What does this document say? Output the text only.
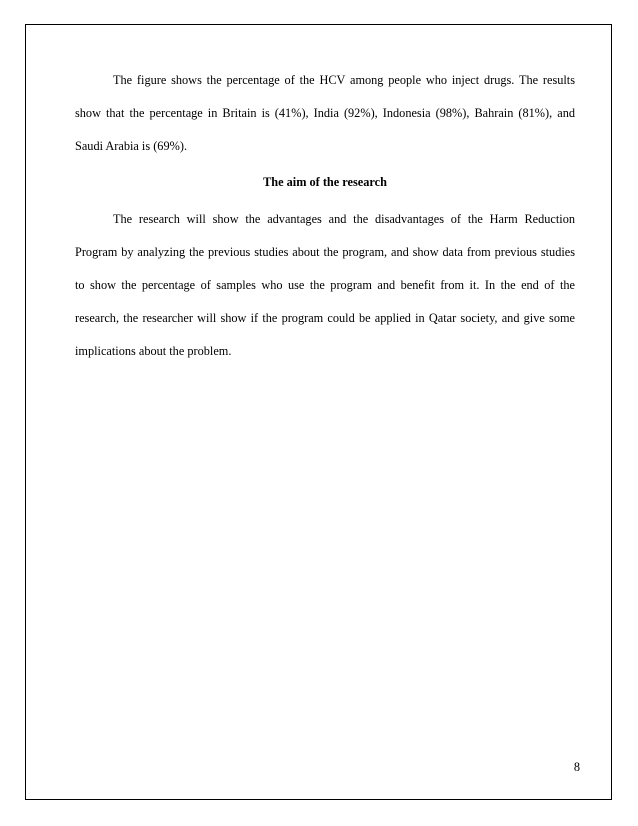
The figure shows the percentage of the HCV among people who inject drugs. The results show that the percentage in Britain is (41%), India (92%), Indonesia (98%), Bahrain (81%), and Saudi Arabia is (69%).

The aim of the research

The research will show the advantages and the disadvantages of the Harm Reduction Program by analyzing the previous studies about the program, and show data from previous studies to show the percentage of samples who use the program and benefit from it. In the end of the research, the researcher will show if the program could be applied in Qatar society, and give some implications about the problem.

8
